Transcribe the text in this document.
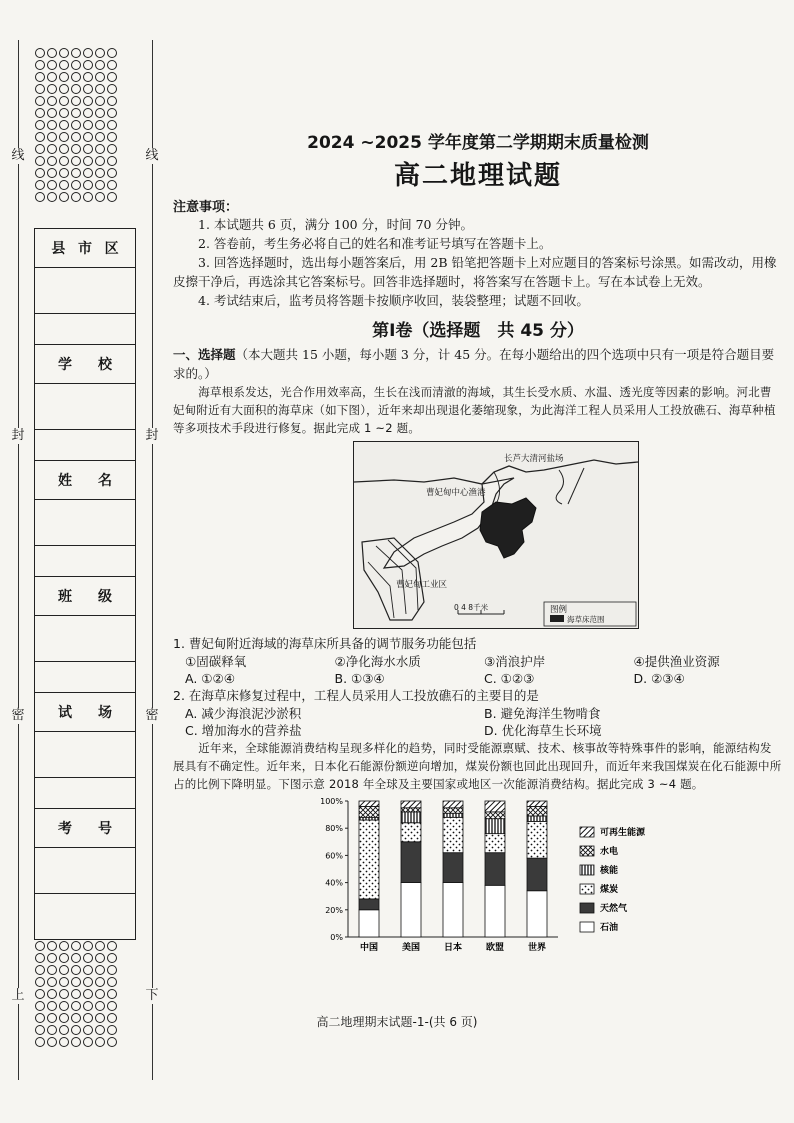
线
封
密
上
线
封
密
下
县 市 区
学 校
姓 名
班 级
试 场
考 号
2024 ~2025 学年度第二学期期末质量检测
高二地理试题
注意事项：
1. 本试题共 6 页，满分 100 分，时间 70 分钟。
2. 答卷前，考生务必将自己的姓名和准考证号填写在答题卡上。
3. 回答选择题时，选出每小题答案后，用 2B 铅笔把答题卡上对应题目的答案标号涂黑。如需改动，用橡皮擦干净后，再选涂其它答案标号。回答非选择题时，将答案写在答题卡上。写在本试卷上无效。
4. 考试结束后，监考员将答题卡按顺序收回，装袋整理；试题不回收。
第Ⅰ卷（选择题　共 45 分）
一、选择题（本大题共 15 小题，每小题 3 分，计 45 分。在每小题给出的四个选项中只有一项是符合题目要求的。）
海草根系发达，光合作用效率高，生长在浅而清澈的海域，其生长受水质、水温、透光度等因素的影响。河北曹妃甸附近有大面积的海草床（如下图），近年来却出现退化萎缩现象，为此海洋工程人员采用人工投放礁石、海草种植等多项技术手段进行修复。据此完成 1 ~2 题。
长芦大清河盐场
曹妃甸中心渔港
曹妃甸工业区
0 4 8千米	图例
海草床范围
1. 曹妃甸附近海域的海草床所具备的调节服务功能包括
①固碳释氧	②净化海水水质	③消浪护岸	④提供渔业资源
A. ①②④	B. ①③④	C. ①②③	D. ②③④
2. 在海草床修复过程中，工程人员采用人工投放礁石的主要目的是
A. 减少海浪泥沙淤积	B. 避免海洋生物啃食
C. 增加海水的营养盐	D. 优化海草生长环境
近年来，全球能源消费结构呈现多样化的趋势，同时受能源禀赋、技术、核事故等特殊事件的影响，能源结构发展具有不确定性。近年来，日本化石能源份额逆向增加，煤炭份额也回此出现回升，而近年来我国煤炭在化石能源中所占的比例下降明显。下图示意 2018 年全球及主要国家或地区一次能源消费结构。据此完成 3 ~4 题。
0%
20%
40%
60%
80%
100%
中国	美国	日本	欧盟	世界
可再生能源
水电
核能
煤炭
天然气
石油
高二地理期末试题-1-(共 6 页)
